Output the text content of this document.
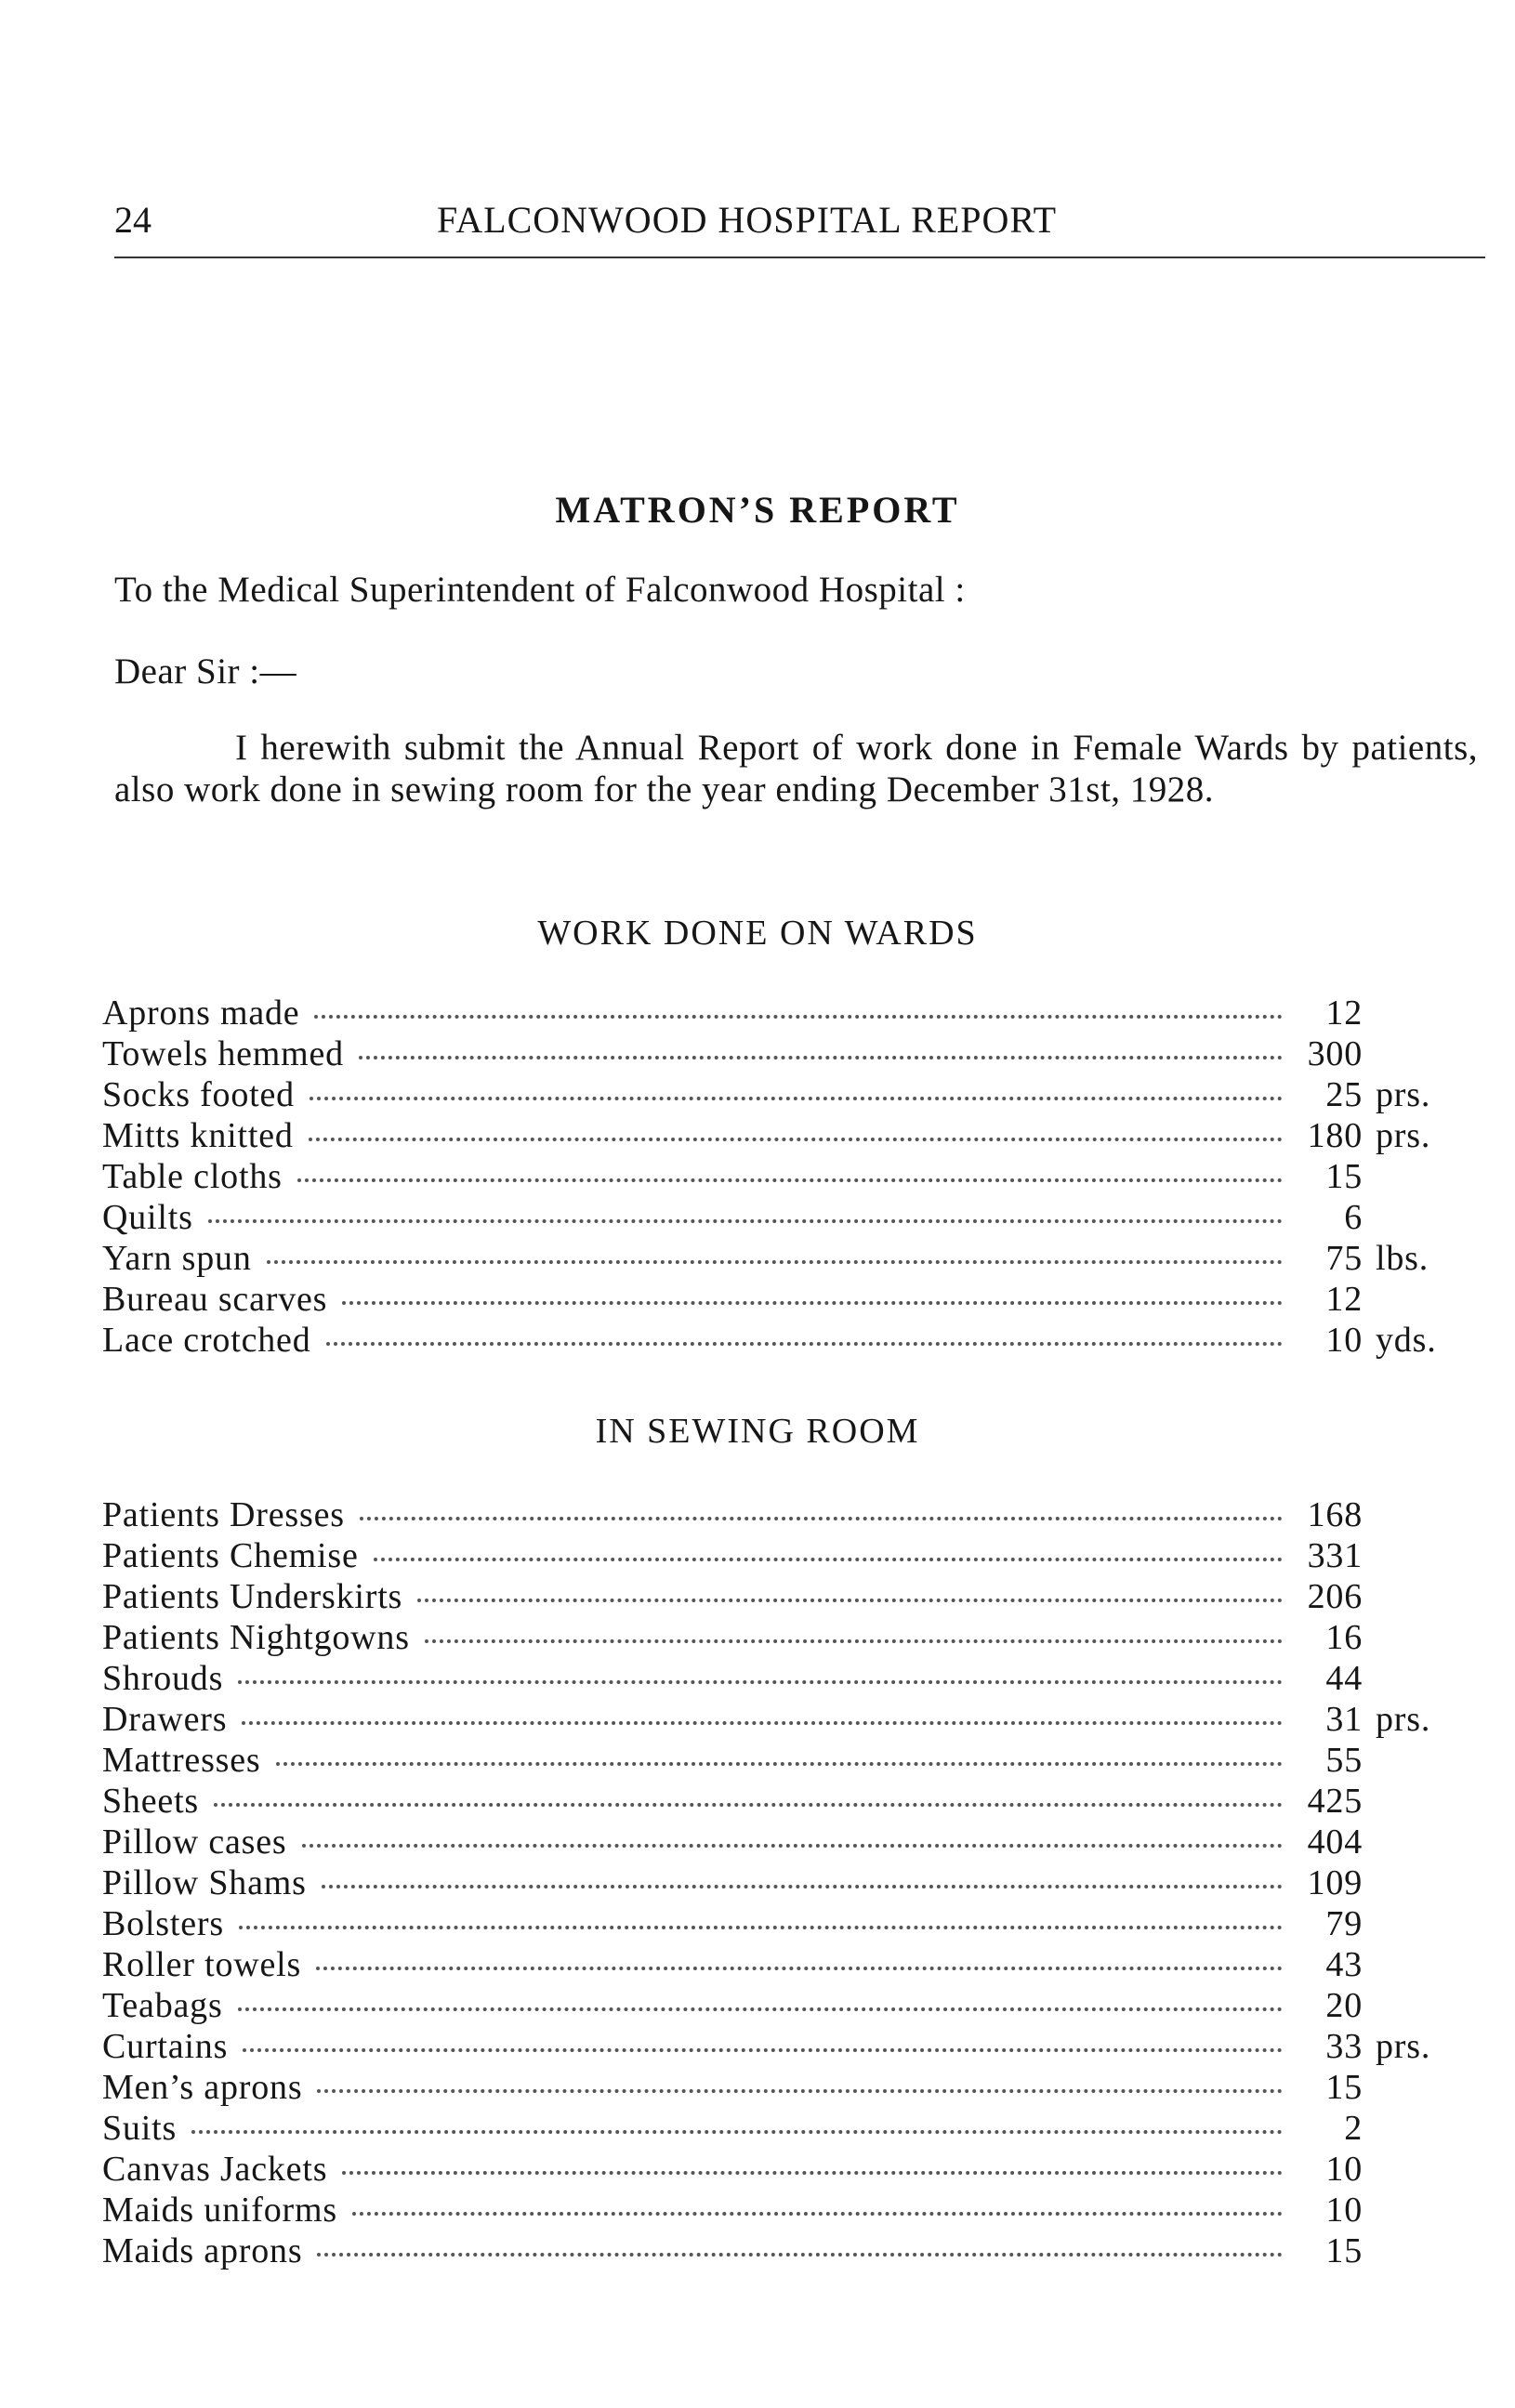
24	FALCONWOOD HOSPITAL REPORT
MATRON’S REPORT
To the Medical Superintendent of Falconwood Hospital :
Dear Sir :—
I herewith submit the Annual Report of work done in Female Wards by patients, also work done in sewing room for the year ending December 31st, 1928.
WORK DONE ON WARDS
Aprons made	12
Towels hemmed	300
Socks footed	25 prs.
Mitts knitted	180 prs.
Table cloths	15
Quilts	6
Yarn spun	75 lbs.
Bureau scarves	12
Lace crotched	10 yds.
IN SEWING ROOM
Patients Dresses	168
Patients Chemise	331
Patients Underskirts	206
Patients Nightgowns	16
Shrouds	44
Drawers	31 prs.
Mattresses	55
Sheets	425
Pillow cases	404
Pillow Shams	109
Bolsters	79
Roller towels	43
Teabags	20
Curtains	33 prs.
Men’s aprons	15
Suits	2
Canvas Jackets	10
Maids uniforms	10
Maids aprons	15
